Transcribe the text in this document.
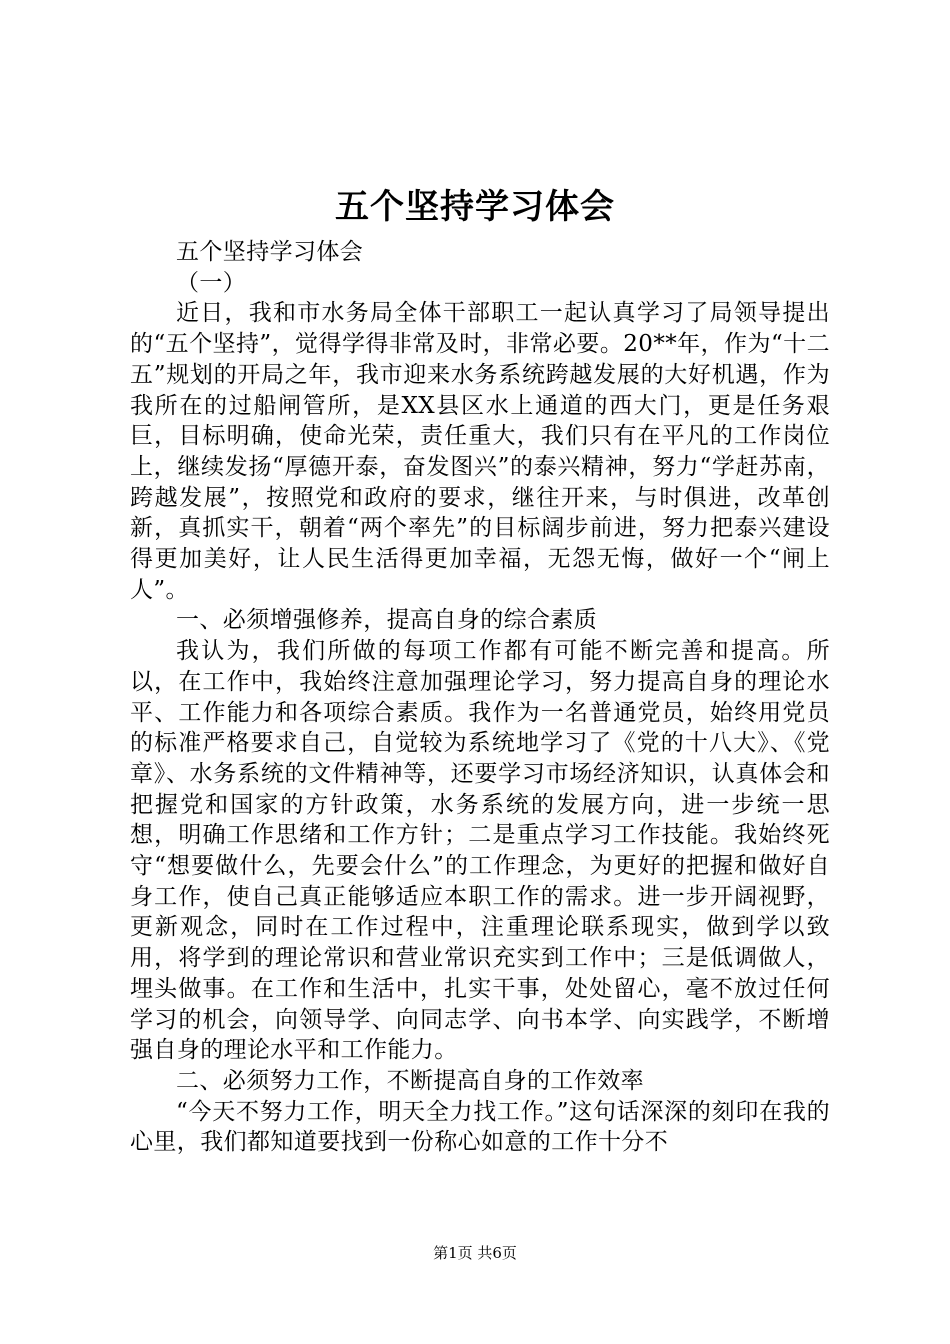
五个坚持学习体会

五个坚持学习体会

（一）

近日，我和市水务局全体干部职工一起认真学习了局领导提出的“五个坚持”，觉得学得非常及时，非常必要。20**年，作为“十二五”规划的开局之年，我市迎来水务系统跨越发展的大好机遇，作为我所在的过船闸管所，是XX县区水上通道的西大门，更是任务艰巨，目标明确，使命光荣，责任重大，我们只有在平凡的工作岗位上，继续发扬“厚德开泰，奋发图兴”的泰兴精神，努力“学赶苏南，跨越发展”，按照党和政府的要求，继往开来，与时俱进，改革创新，真抓实干，朝着“两个率先”的目标阔步前进，努力把泰兴建设得更加美好，让人民生活得更加幸福，无怨无悔，做好一个“闸上人”。

一、必须增强修养，提高自身的综合素质

我认为，我们所做的每项工作都有可能不断完善和提高。所以，在工作中，我始终注意加强理论学习，努力提高自身的理论水平、工作能力和各项综合素质。我作为一名普通党员，始终用党员的标准严格要求自己，自觉较为系统地学习了《党的十八大》、《党章》、水务系统的文件精神等，还要学习市场经济知识，认真体会和把握党和国家的方针政策，水务系统的发展方向，进一步统一思想，明确工作思绪和工作方针；二是重点学习工作技能。我始终死守“想要做什么，先要会什么”的工作理念，为更好的把握和做好自身工作，使自己真正能够适应本职工作的需求。进一步开阔视野，更新观念，同时在工作过程中，注重理论联系现实，做到学以致用，将学到的理论常识和营业常识充实到工作中；三是低调做人，埋头做事。在工作和生活中，扎实干事，处处留心，毫不放过任何学习的机会，向领导学、向同志学、向书本学、向实践学，不断增强自身的理论水平和工作能力。

二、必须努力工作，不断提高自身的工作效率

“今天不努力工作，明天全力找工作。”这句话深深的刻印在我的心里，我们都知道要找到一份称心如意的工作十分不

第1页 共6页
